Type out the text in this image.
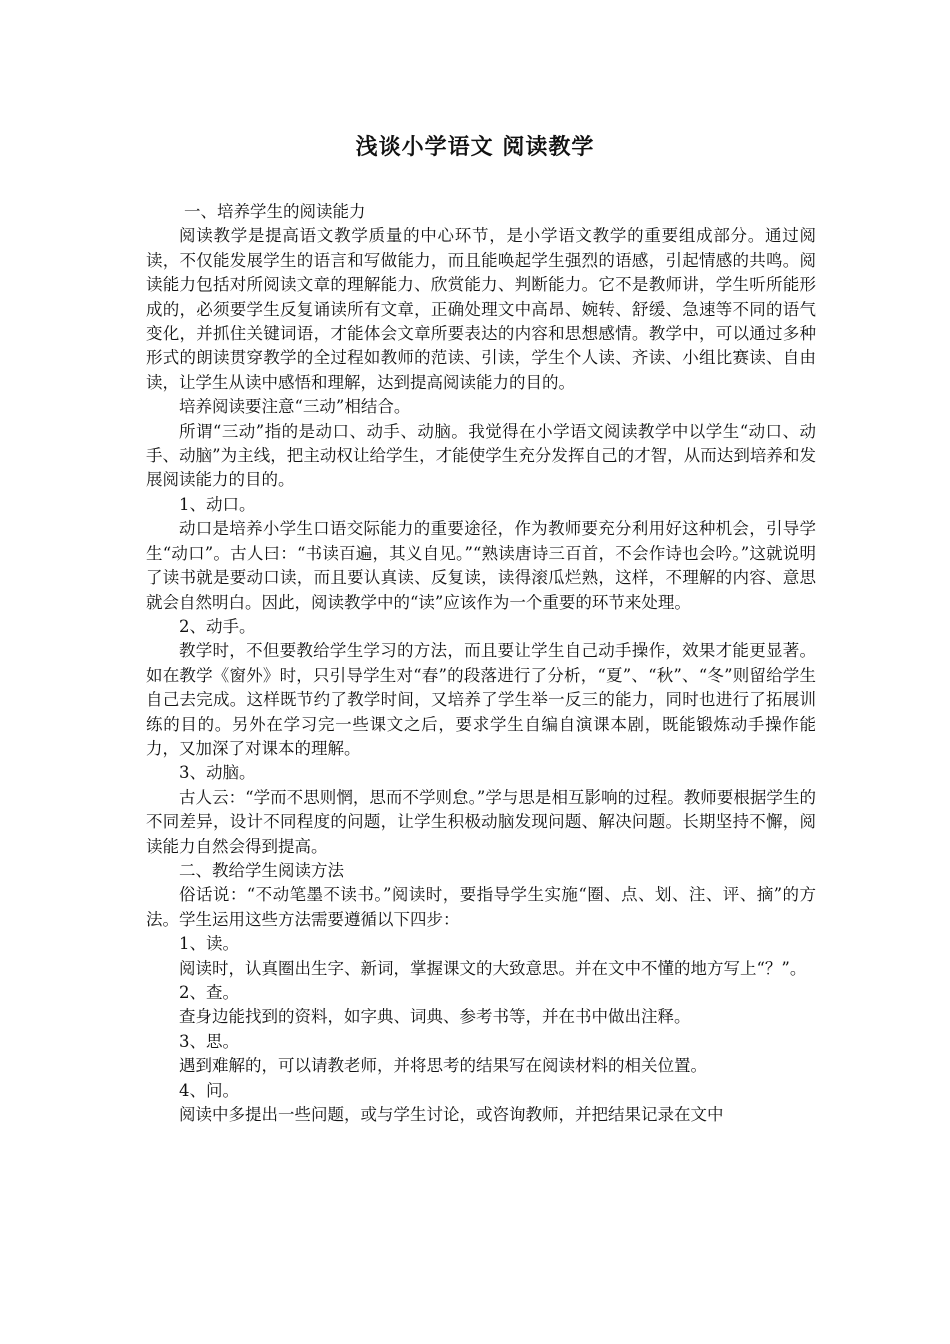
浅谈小学语文 阅读教学

一、培养学生的阅读能力

阅读教学是提高语文教学质量的中心环节，是小学语文教学的重要组成部分。通过阅读，不仅能发展学生的语言和写做能力，而且能唤起学生强烈的语感，引起情感的共鸣。阅读能力包括对所阅读文章的理解能力、欣赏能力、判断能力。它不是教师讲，学生听所能形成的，必须要学生反复诵读所有文章，正确处理文中高昂、婉转、舒缓、急速等不同的语气变化，并抓住关键词语，才能体会文章所要表达的内容和思想感情。教学中，可以通过多种形式的朗读贯穿教学的全过程如教师的范读、引读，学生个人读、齐读、小组比赛读、自由读，让学生从读中感悟和理解，达到提高阅读能力的目的。

培养阅读要注意“三动”相结合。

所谓“三动”指的是动口、动手、动脑。我觉得在小学语文阅读教学中以学生“动口、动手、动脑”为主线，把主动权让给学生，才能使学生充分发挥自己的才智，从而达到培养和发展阅读能力的目的。

1、动口。

动口是培养小学生口语交际能力的重要途径，作为教师要充分利用好这种机会，引导学生“动口”。古人曰：“书读百遍，其义自见。”“熟读唐诗三百首，不会作诗也会吟。”这就说明了读书就是要动口读，而且要认真读、反复读，读得滚瓜烂熟，这样，不理解的内容、意思就会自然明白。因此，阅读教学中的“读”应该作为一个重要的环节来处理。

2、动手。

教学时，不但要教给学生学习的方法，而且要让学生自己动手操作，效果才能更显著。如在教学《窗外》时，只引导学生对“春”的段落进行了分析，“夏”、“秋”、“冬”则留给学生自己去完成。这样既节约了教学时间，又培养了学生举一反三的能力，同时也进行了拓展训练的目的。另外在学习完一些课文之后，要求学生自编自演课本剧，既能锻炼动手操作能力，又加深了对课本的理解。

3、动脑。

古人云：“学而不思则惘，思而不学则怠。”学与思是相互影响的过程。教师要根据学生的不同差异，设计不同程度的问题，让学生积极动脑发现问题、解决问题。长期坚持不懈，阅读能力自然会得到提高。

二、教给学生阅读方法

俗话说：“不动笔墨不读书。”阅读时，要指导学生实施“圈、点、划、注、评、摘”的方法。学生运用这些方法需要遵循以下四步：

1、读。

阅读时，认真圈出生字、新词，掌握课文的大致意思。并在文中不懂的地方写上“？”。

2、查。

查身边能找到的资料，如字典、词典、参考书等，并在书中做出注释。

3、思。

遇到难解的，可以请教老师，并将思考的结果写在阅读材料的相关位置。

4、问。

阅读中多提出一些问题，或与学生讨论，或咨询教师，并把结果记录在文中
